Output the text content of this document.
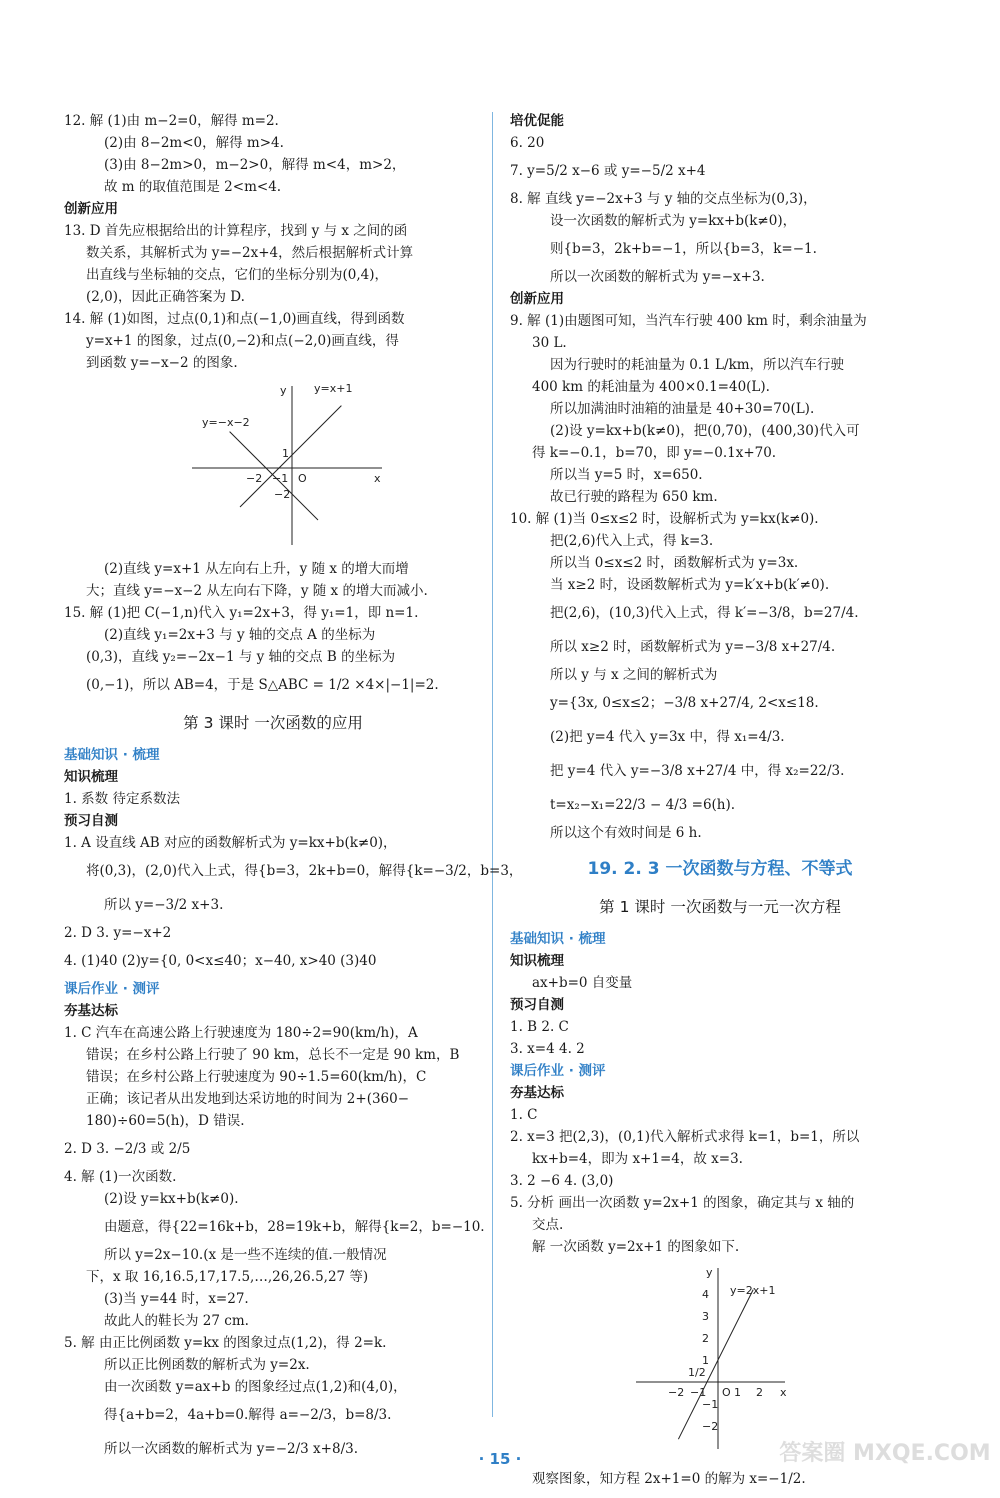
12. 解 (1)由 m−2=0，解得 m=2.
(2)由 8−2m<0，解得 m>4.
(3)由 8−2m>0，m−2>0，解得 m<4，m>2，
故 m 的取值范围是 2<m<4.
创新应用
13. D 首先应根据给出的计算程序，找到 y 与 x 之间的函
数关系，其解析式为 y=−2x+4，然后根据解析式计算
出直线与坐标轴的交点，它们的坐标分别为(0,4)，
(2,0)，因此正确答案为 D.
14. 解 (1)如图，过点(0,1)和点(−1,0)画直线，得到函数
y=x+1 的图象，过点(0,−2)和点(−2,0)画直线，得
到函数 y=−x−2 的图象.
y
x
O
y=x+1
y=−x−2
1
−1
−2
−2
(2)直线 y=x+1 从左向右上升，y 随 x 的增大而增
大；直线 y=−x−2 从左向右下降，y 随 x 的增大而减小.
15. 解 (1)把 C(−1,n)代入 y₁=2x+3，得 y₁=1，即 n=1.
(2)直线 y₁=2x+3 与 y 轴的交点 A 的坐标为
(0,3)，直线 y₂=−2x−1 与 y 轴的交点 B 的坐标为
(0,−1)，所以 AB=4，于是 S△ABC = 1/2 ×4×|−1|=2.
第 3 课时 一次函数的应用
基础知识 · 梳理
知识梳理
1. 系数 待定系数法
预习自测
1. A 设直线 AB 对应的函数解析式为 y=kx+b(k≠0)，
将(0,3)，(2,0)代入上式，得{b=3，2k+b=0，解得{k=−3/2，b=3，
所以 y=−3/2 x+3.
2. D 3. y=−x+2
4. (1)40 (2)y={0, 0<x≤40；x−40, x>40 (3)40
课后作业 · 测评
夯基达标
1. C 汽车在高速公路上行驶速度为 180÷2=90(km/h)，A
错误；在乡村公路上行驶了 90 km，总长不一定是 90 km，B
错误；在乡村公路上行驶速度为 90÷1.5=60(km/h)，C
正确；该记者从出发地到达采访地的时间为 2+(360−
180)÷60=5(h)，D 错误.
2. D 3. −2/3 或 2/5
4. 解 (1)一次函数.
(2)设 y=kx+b(k≠0).
由题意，得{22=16k+b，28=19k+b，解得{k=2，b=−10.
所以 y=2x−10.(x 是一些不连续的值.一般情况
下，x 取 16,16.5,17,17.5,…,26,26.5,27 等)
(3)当 y=44 时，x=27.
故此人的鞋长为 27 cm.
5. 解 由正比例函数 y=kx 的图象过点(1,2)，得 2=k.
所以正比例函数的解析式为 y=2x.
由一次函数 y=ax+b 的图象经过点(1,2)和(4,0)，
得{a+b=2，4a+b=0.解得 a=−2/3，b=8/3.
所以一次函数的解析式为 y=−2/3 x+8/3.
培优促能
6. 20
7. y=5/2 x−6 或 y=−5/2 x+4
8. 解 直线 y=−2x+3 与 y 轴的交点坐标为(0,3)，
设一次函数的解析式为 y=kx+b(k≠0)，
则{b=3，2k+b=−1，所以{b=3，k=−1.
所以一次函数的解析式为 y=−x+3.
创新应用
9. 解 (1)由题图可知，当汽车行驶 400 km 时，剩余油量为
30 L.
因为行驶时的耗油量为 0.1 L/km，所以汽车行驶
400 km 的耗油量为 400×0.1=40(L).
所以加满油时油箱的油量是 40+30=70(L).
(2)设 y=kx+b(k≠0)，把(0,70)，(400,30)代入可
得 k=−0.1，b=70，即 y=−0.1x+70.
所以当 y=5 时，x=650.
故已行驶的路程为 650 km.
10. 解 (1)当 0≤x≤2 时，设解析式为 y=kx(k≠0).
把(2,6)代入上式，得 k=3.
所以当 0≤x≤2 时，函数解析式为 y=3x.
当 x≥2 时，设函数解析式为 y=k′x+b(k′≠0).
把(2,6)，(10,3)代入上式，得 k′=−3/8，b=27/4.
所以 x≥2 时，函数解析式为 y=−3/8 x+27/4.
所以 y 与 x 之间的解析式为
y={3x, 0≤x≤2；−3/8 x+27/4, 2<x≤18.
(2)把 y=4 代入 y=3x 中，得 x₁=4/3.
把 y=4 代入 y=−3/8 x+27/4 中，得 x₂=22/3.
t=x₂−x₁=22/3 − 4/3 =6(h).
所以这个有效时间是 6 h.
19. 2. 3 一次函数与方程、不等式
第 1 课时 一次函数与一元一次方程
基础知识 · 梳理
知识梳理
ax+b=0 自变量
预习自测
1. B 2. C
3. x=4 4. 2
课后作业 · 测评
夯基达标
1. C
2. x=3 把(2,3)，(0,1)代入解析式求得 k=1，b=1，所以
kx+b=4，即为 x+1=4，故 x=3.
3. 2 −6 4. (3,0)
5. 分析 画出一次函数 y=2x+1 的图象，确定其与 x 轴的
交点.
解 一次函数 y=2x+1 的图象如下.
y
x
O
y=2x+1
4
3
2
1
−1
−2
−2 −1	1 2
1/2
观察图象，知方程 2x+1=0 的解为 x=−1/2.
· 15 ·	答案圈 MXQE.COM
